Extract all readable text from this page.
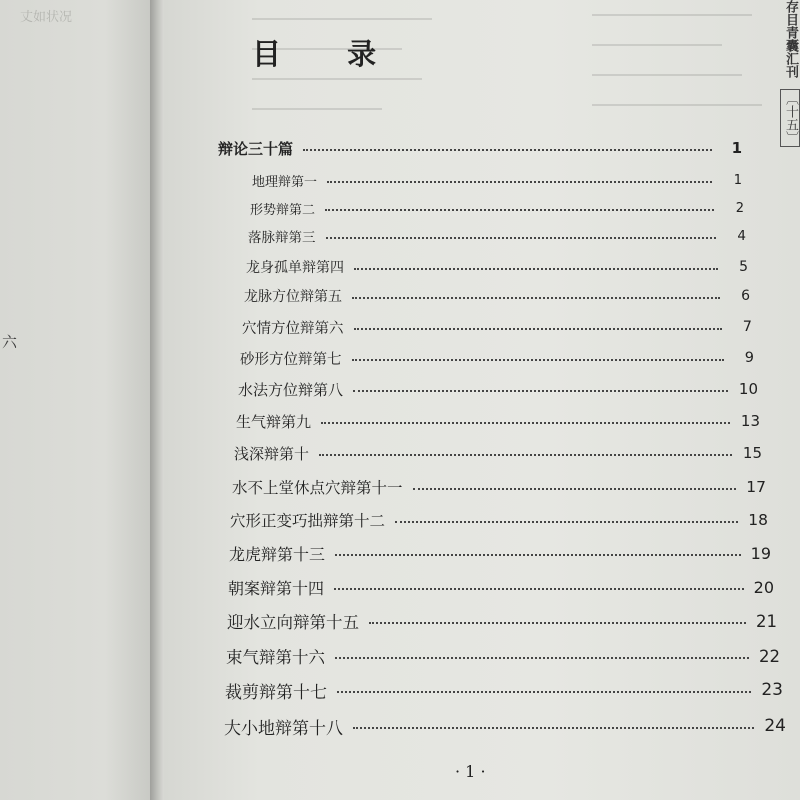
丈如状况
六
目 录	存目青囊汇刊 〔十五〕
辩论三十篇	1
地理辩第一	1
形势辩第二	2
落脉辩第三	4
龙身孤单辩第四	5
龙脉方位辩第五	6
穴情方位辩第六	7
砂形方位辩第七	9
水法方位辩第八	10
生气辩第九	13
浅深辩第十	15
水不上堂休点穴辩第十一	17
穴形正变巧拙辩第十二	18
龙虎辩第十三	19
朝案辩第十四	20
迎水立向辩第十五	21
束气辩第十六	22
裁剪辩第十七	23
大小地辩第十八	24
· 1 ·
